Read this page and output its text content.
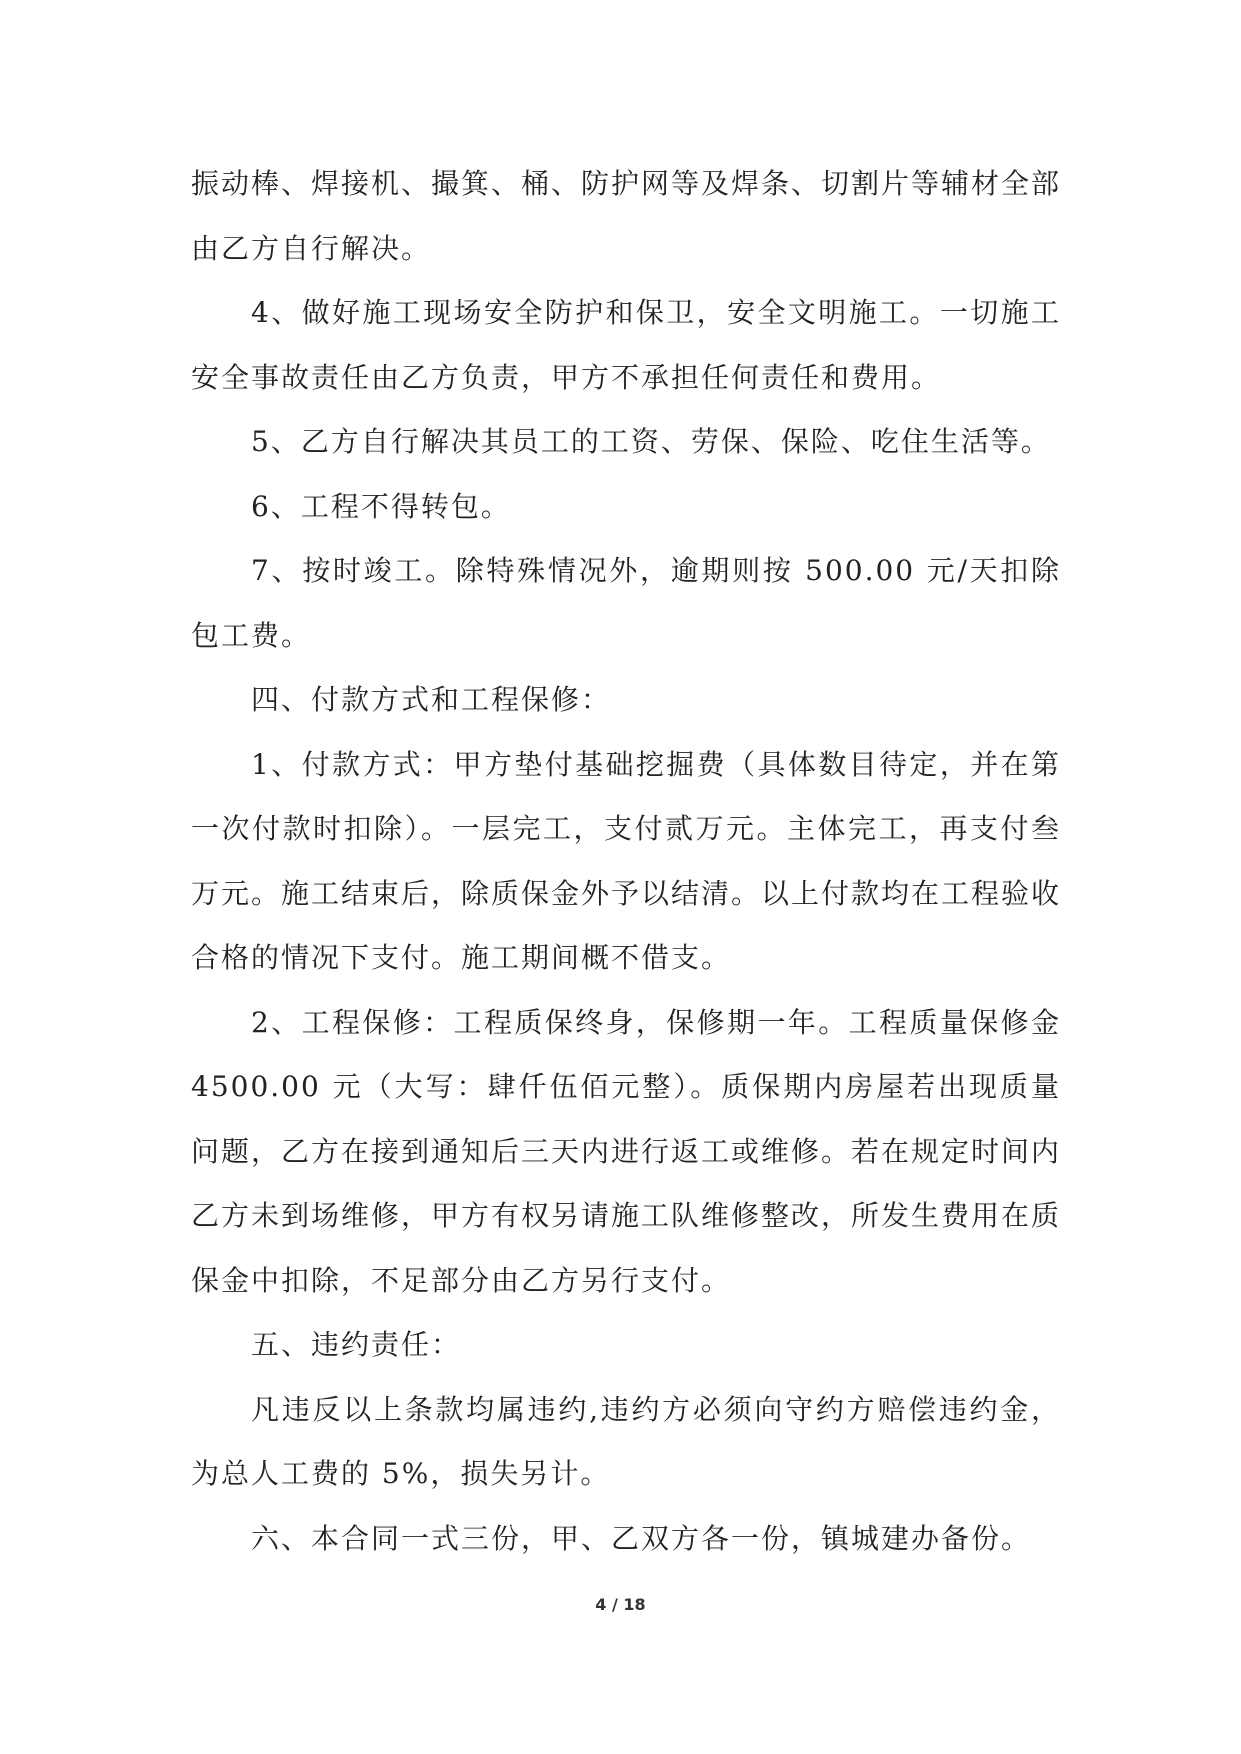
振动棒、焊接机、撮箕、桶、防护网等及焊条、切割片等辅材全部由乙方自行解决。

4、做好施工现场安全防护和保卫，安全文明施工。一切施工安全事故责任由乙方负责，甲方不承担任何责任和费用。

5、乙方自行解决其员工的工资、劳保、保险、吃住生活等。

6、工程不得转包。

7、按时竣工。除特殊情况外，逾期则按 500.00 元/天扣除包工费。

四、付款方式和工程保修：

1、付款方式：甲方垫付基础挖掘费（具体数目待定，并在第一次付款时扣除）。一层完工，支付贰万元。主体完工，再支付叁万元。施工结束后，除质保金外予以结清。以上付款均在工程验收合格的情况下支付。施工期间概不借支。

2、工程保修：工程质保终身，保修期一年。工程质量保修金 4500.00 元（大写：肆仟伍佰元整）。质保期内房屋若出现质量问题，乙方在接到通知后三天内进行返工或维修。若在规定时间内乙方未到场维修，甲方有权另请施工队维修整改，所发生费用在质保金中扣除，不足部分由乙方另行支付。

五、违约责任：

凡违反以上条款均属违约,违约方必须向守约方赔偿违约金，为总人工费的 5%，损失另计。

六、本合同一式三份，甲、乙双方各一份，镇城建办备份。

4 / 18
